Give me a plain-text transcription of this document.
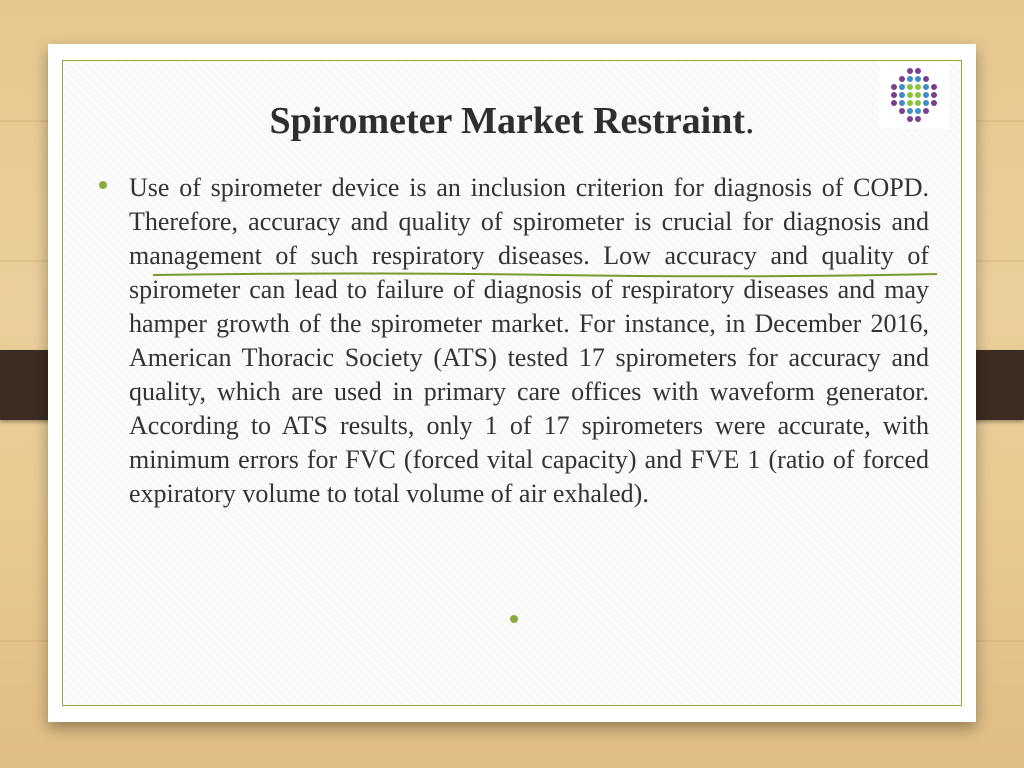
Spirometer Market Restraint.

Use of spirometer device is an inclusion criterion for diagnosis of COPD. Therefore, accuracy and quality of spirometer is crucial for diagnosis and management of such respiratory diseases. Low accuracy and quality of spirometer can lead to failure of diagnosis of respiratory diseases and may hamper growth of the spirometer market. For instance, in December 2016, American Thoracic Society (ATS) tested 17 spirometers for accuracy and quality, which are used in primary care offices with waveform generator. According to ATS results, only 1 of 17 spirometers were accurate, with minimum errors for FVC (forced vital capacity) and FVE 1 (ratio of forced expiratory volume to total volume of air exhaled).
